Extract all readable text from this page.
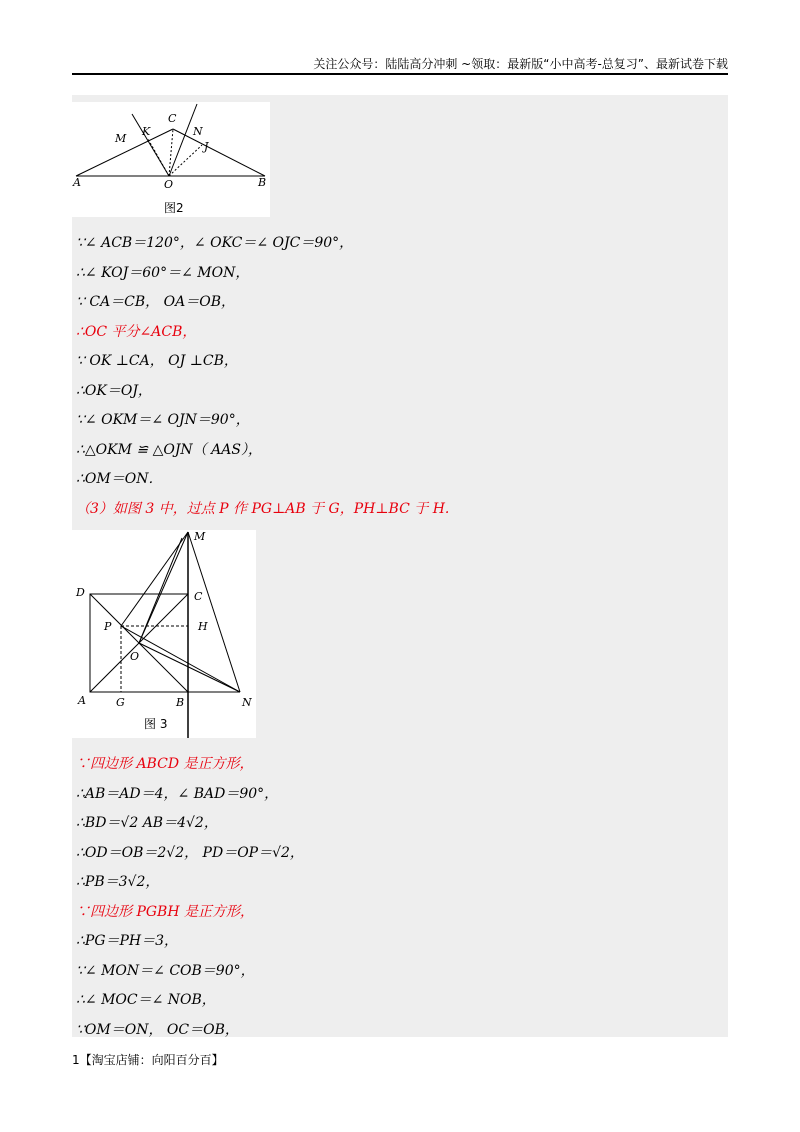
关注公众号：陆陆高分冲刺 ~领取：最新版“小中高考-总复习”、最新试卷下载
A	B
C
O
M
K	N
J
图2
∵∠ ACB＝120°，∠ OKC＝∠ OJC＝90°，
∴∠ KOJ＝60°＝∠ MON，
∵ CA＝CB， OA＝OB，
∴OC 平分∠ACB，
∵ OK ⊥CA， OJ ⊥CB，
∴OK＝OJ，
∵∠ OKM＝∠ OJN＝90°，
∴△OKM ≌ △OJN（ AAS），
∴OM＝ON．
（3）如图 3 中，过点 P 作 PG⊥AB 于 G，PH⊥BC 于 H.
M
D	C
P	H
O
A	G	B	N
图 3
∵四边形 ABCD 是正方形，
∴AB＝AD＝4，∠ BAD＝90°，
∴BD＝√2 AB＝4√2，
∴OD＝OB＝2√2， PD＝OP＝√2，
∴PB＝3√2，
∵四边形 PGBH 是正方形，
∴PG＝PH＝3，
∵∠ MON＝∠ COB＝90°，
∴∠ MOC＝∠ NOB，
∵OM＝ON， OC＝OB，
1【淘宝店铺：向阳百分百】
